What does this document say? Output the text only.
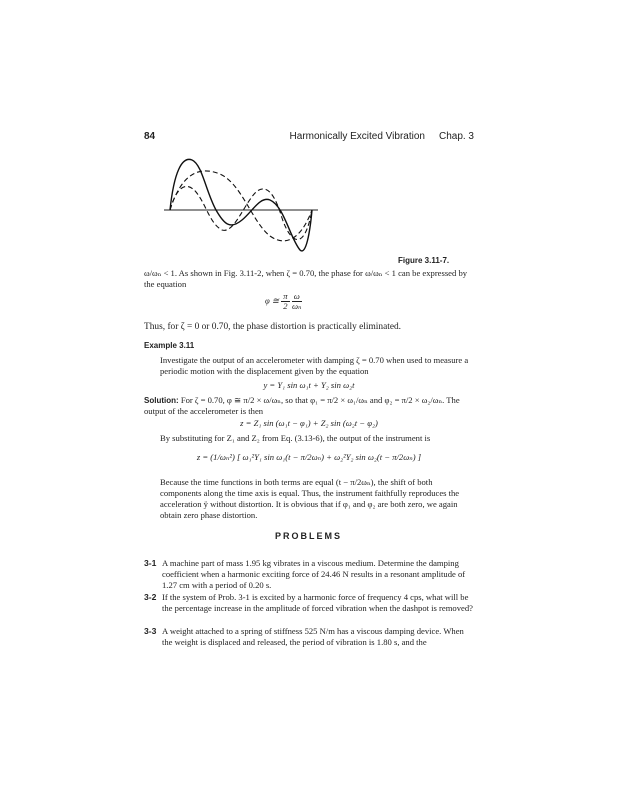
84	Harmonically Excited Vibration Chap. 3
Figure 3.11-7.
ω/ωₙ < 1. As shown in Fig. 3.11-2, when ζ = 0.70, the phase for ω/ωₙ < 1 can be expressed by the equation
φ ≅ $\frac{\pi}{2}$
$\frac{\omega}{\text{ωₙ}}$
Thus, for ζ = 0 or 0.70, the phase distortion is practically eliminated.
Example 3.11
Investigate the output of an accelerometer with damping ζ = 0.70 when used to measure a periodic motion with the displacement given by the equation
y = Y₁ sin ω₁t + Y₂ sin ω₂t
Solution: For ζ = 0.70, φ ≅ π/2 × ω/ωₙ, so that φ₁ = π/2 × ω₁/ωₙ and φ₂ = π/2 × ω₂/ωₙ. The output of the accelerometer is then
z = Z₁ sin (ω₁t − φ₁) + Z₂ sin (ω₂t − φ₂)
By substituting for Z₁ and Z₂ from Eq. (3.13-6), the output of the instrument is
z = (1/ωₙ²) [ ω₁²Y₁ sin ω₁(t − π/2ωₙ) + ω₂²Y₂ sin ω₂(t − π/2ωₙ) ]
Because the time functions in both terms are equal (t − π/2ωₙ), the shift of both components along the time axis is equal. Thus, the instrument faithfully reproduces the acceleration ÿ without distortion. It is obvious that if φ₁ and φ₂ are both zero, we again obtain zero phase distortion.
PROBLEMS
3-1 A machine part of mass 1.95 kg vibrates in a viscous medium. Determine the damping coefficient when a harmonic exciting force of 24.46 N results in a resonant amplitude of 1.27 cm with a period of 0.20 s.
3-2 If the system of Prob. 3-1 is excited by a harmonic force of frequency 4 cps, what will be the percentage increase in the amplitude of forced vibration when the dashpot is removed?
3-3 A weight attached to a spring of stiffness 525 N/m has a viscous damping device. When the weight is displaced and released, the period of vibration is 1.80 s, and the
